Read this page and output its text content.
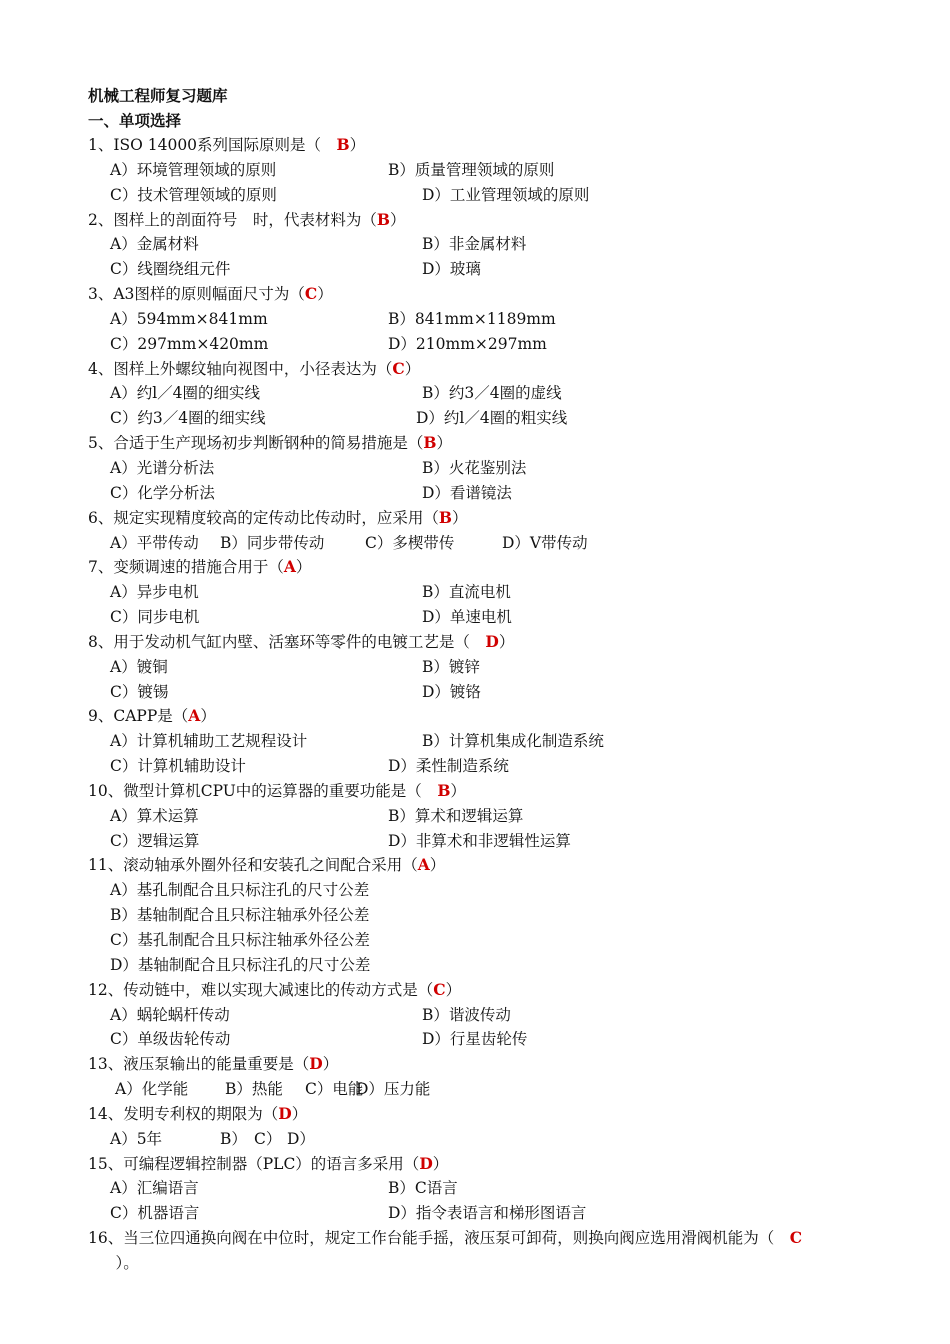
机械工程师复习题库
一、单项选择
1、ISO 14000系列国际原则是（　B）
A）环境管理领域的原则	B）质量管理领域的原则
C）技术管理领域的原则	D）工业管理领域的原则
2、图样上的剖面符号　时，代表材料为（B）
A）金属材料	B）非金属材料
C）线圈绕组元件	D）玻璃
3、A3图样的原则幅面尺寸为（C）
A）594mm×841mm	B）841mm×1189mm
C）297mm×420mm	D）210mm×297mm
4、图样上外螺纹轴向视图中，小径表达为（C）
A）约l／4圈的细实线	B）约3／4圈的虚线
C）约3／4圈的细实线	D）约l／4圈的粗实线
5、合适于生产现场初步判断钢种的简易措施是（B）
A）光谱分析法	B）火花鉴别法
C）化学分析法	D）看谱镜法
6、规定实现精度较高的定传动比传动时，应采用（B）
A）平带传动 B）同步带传动	C）多楔带传	D）V带传动
7、变频调速的措施合用于（A）
A）异步电机	B）直流电机
C）同步电机	D）单速电机
8、用于发动机气缸内壁、活塞环等零件的电镀工艺是（　D）
A）镀铜	B）镀锌
C）镀锡	D）镀铬
9、CAPP是（A）
A）计算机辅助工艺规程设计	B）计算机集成化制造系统
C）计算机辅助设计	D）柔性制造系统
10、微型计算机CPU中的运算器的重要功能是（　B）
A）算术运算	B）算术和逻辑运算
C）逻辑运算	D）非算术和非逻辑性运算
11、滚动轴承外圈外径和安装孔之间配合采用（A）
A）基孔制配合且只标注孔的尺寸公差
B）基轴制配合且只标注轴承外径公差
C）基孔制配合且只标注轴承外径公差
D）基轴制配合且只标注孔的尺寸公差
12、传动链中，难以实现大减速比的传动方式是（C）
A）蜗轮蜗杆传动	B）谐波传动
C）单级齿轮传动	D）行星齿轮传
13、液压泵输出的能量重要是（D）
A）化学能 B）热能 C）电能
D）压力能
14、发明专利权的期限为（D）
A）5年	B） C） D）
15、可编程逻辑控制器（PLC）的语言多采用（D）
A）汇编语言	B）C语言
C）机器语言	D）指令表语言和梯形图语言
16、当三位四通换向阀在中位时，规定工作台能手摇，液压泵可卸荷，则换向阀应选用滑阀机能为（　C
　）。
